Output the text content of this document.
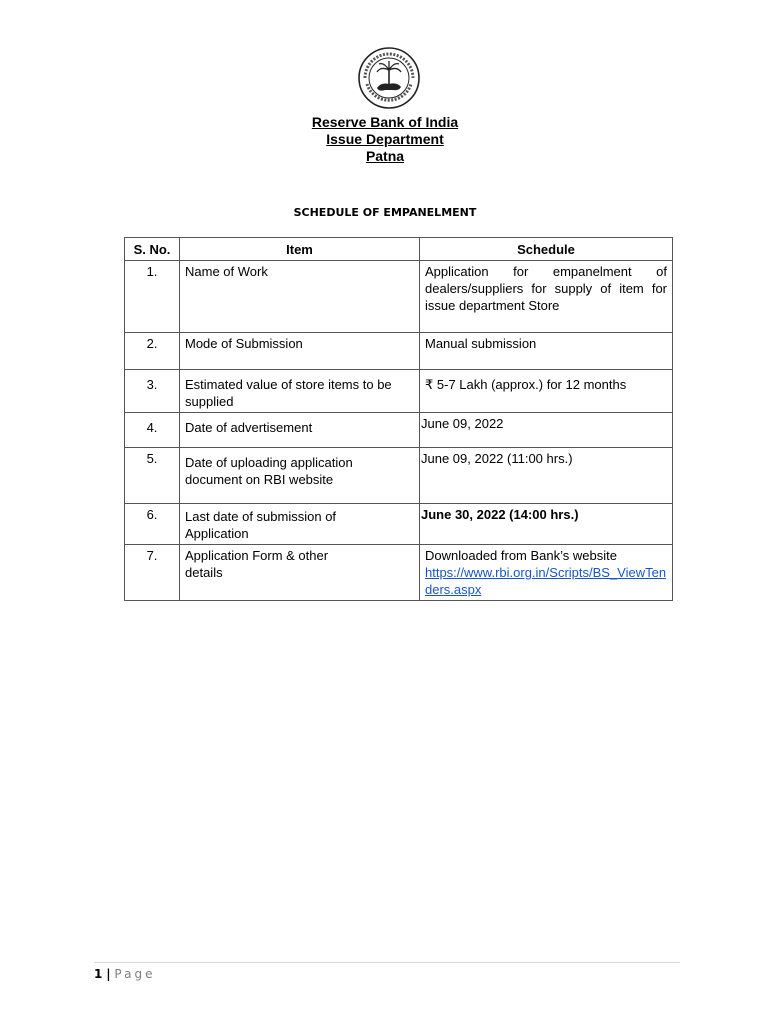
Reserve Bank of India
Issue Department
Patna
SCHEDULE OF EMPANELMENT
S. No.	Item	Schedule
1.	Name of Work	Application for empanelment of dealers/suppliers for supply of item for issue department Store
2.	Mode of Submission	Manual submission
3.	Estimated value of store items to be supplied	₹ 5-7 Lakh (approx.) for 12 months
4.	Date of advertisement	June 09, 2022
5.	Date of uploading application document on RBI website	June 09, 2022 (11:00 hrs.)
6.	Last date of submission of Application	June 30, 2022 (14:00 hrs.)
7.	Application Form & other details	Downloaded from Bank’s website
https://www.rbi.org.in/Scripts/BS_ViewTenders.aspx
1 | Page
